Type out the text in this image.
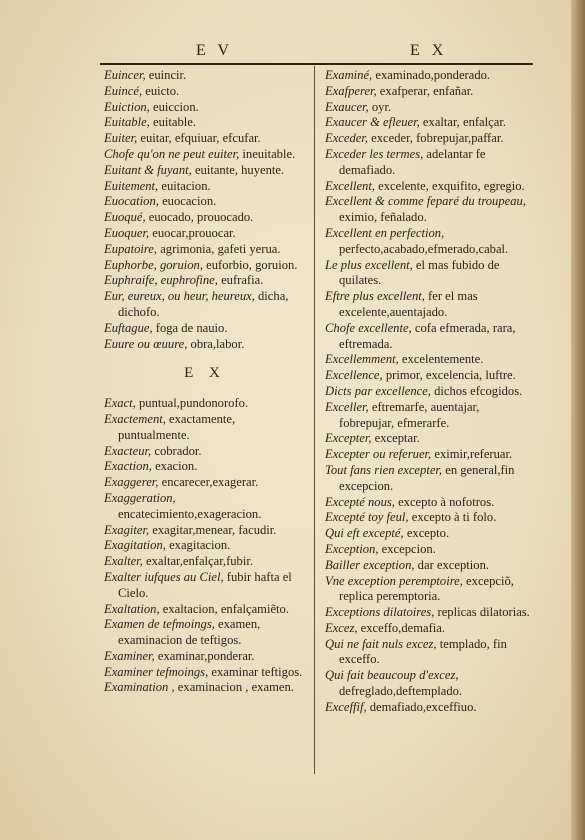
E V	E X

Euincer, euincir.

Euincé, euicto.

Euiction, euiccion.

Euitable, euitable.

Euiter, euitar, efquiuar, efcufar.

Chofe qu'on ne peut euiter, ineuitable.

Euitant & fuyant, euitante, huyente.

Euitement, euitacion.

Euocation, euocacion.

Euoqué, euocado, prouocado.

Euoquer, euocar,prouocar.

Eupatoire, agrimonia, gafeti yerua.

Euphorbe, goruion, euforbio, goruion.

Euphraife, euphrofine, eufrafia.

Eur, eureux, ou heur, heureux, dicha, dichofo.

Euftague, foga de nauio.

Euure ou œuure, obra,labor.

E X

Exact, puntual,pundonorofo.

Exactement, exactamente, puntualmente.

Exacteur, cobrador.

Exaction, exacion.

Exaggerer, encarecer,exagerar.

Exaggeration, encatecimiento,exageracion.

Exagiter, exagitar,menear, facudir.

Exagitation, exagitacion.

Exalter, exaltar,enfalçar,fubir.

Exalter iufques au Ciel, fubir hafta el Cielo.

Exaltation, exaltacion, enfalçamiẽto.

Examen de tefmoings, examen, examinacion de teftigos.

Examiner, examinar,ponderar.

Examiner tefmoings, examinar teftigos.

Examination , examinacion , examen.

Examiné, examinado,ponderado.

Exafperer, exafperar, enfañar.

Exaucer, oyr.

Exaucer & efleuer, exaltar, enfalçar.

Exceder, exceder, fobrepujar,paffar.

Exceder les termes, adelantar fe demafiado.

Excellent, excelente, exquifito, egregio.

Excellent & comme feparé du troupeau, eximio, feñalado.

Excellent en perfection, perfecto,acabado,efmerado,cabal.

Le plus excellent, el mas fubido de quilates.

Eftre plus excellent, fer el mas excelente,auentajado.

Chofe excellente, cofa efmerada, rara, eftremada.

Excellemment, excelentemente.

Excellence, primor, excelencia, luftre.

Dicts par excellence, dichos efcogidos.

Exceller, eftremarfe, auentajar, fobrepujar, efmerarfe.

Excepter, exceptar.

Excepter ou referuer, eximir,referuar.

Tout fans rien excepter, en general,fin excepcion.

Excepté nous, excepto à nofotros.

Excepté toy feul, excepto à ti folo.

Qui eft excepté, excepto.

Exception, excepcion.

Bailler exception, dar exception.

Vne exception peremptoire, excepciõ, replica peremptoria.

Exceptions dilatoires, replicas dilatorias.

Excez, exceffo,demafia.

Qui ne fait nuls excez, templado, fin exceffo.

Qui fait beaucoup d'excez, defreglado,deftemplado.

Exceffif, demafiado,exceffiuo.
